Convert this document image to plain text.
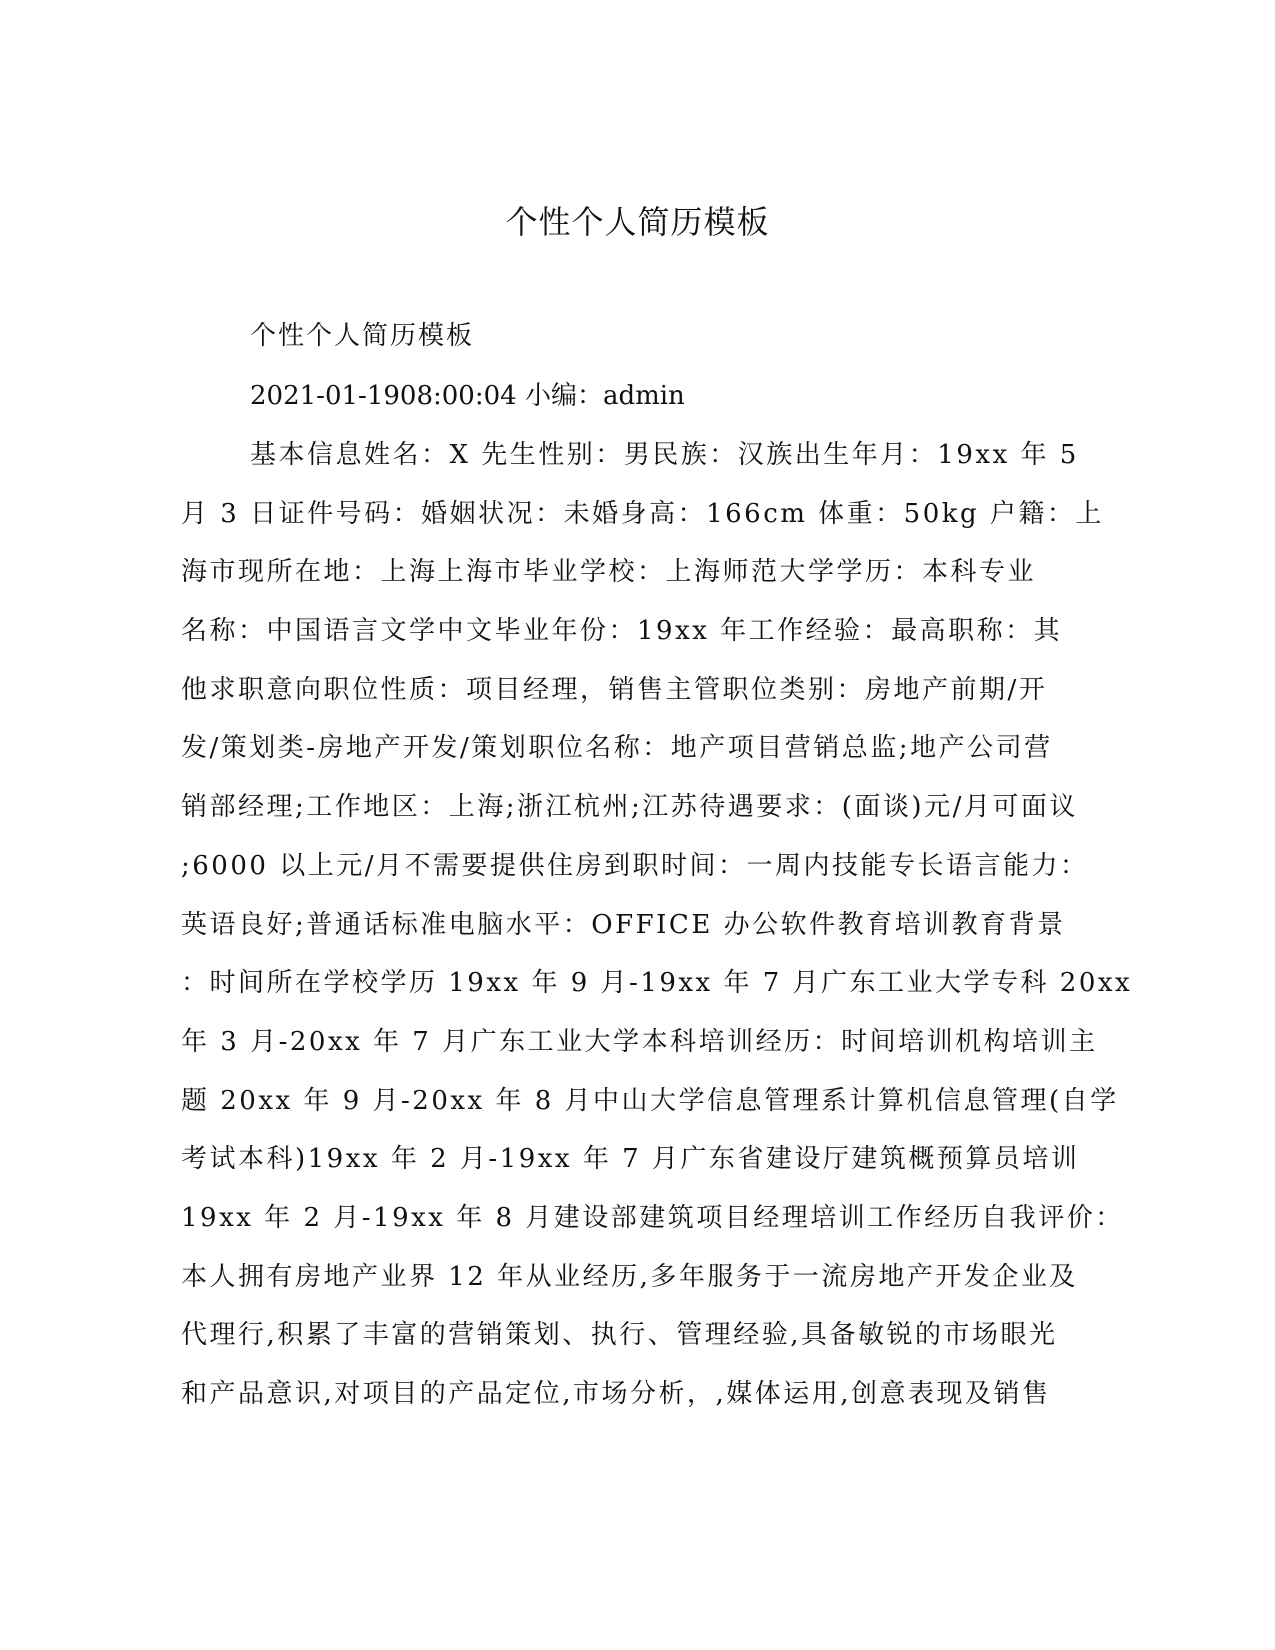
个性个人简历模板
个性个人简历模板
2021-01-1908:00:04 小编：admin
基本信息姓名：X 先生性别：男民族：汉族出生年月：19xx 年 5
月 3 日证件号码：婚姻状况：未婚身高：166cm 体重：50kg 户籍：上
海市现所在地：上海上海市毕业学校：上海师范大学学历：本科专业
名称：中国语言文学中文毕业年份：19xx 年工作经验：最高职称：其
他求职意向职位性质：项目经理，销售主管职位类别：房地产前期/开
发/策划类-房地产开发/策划职位名称：地产项目营销总监;地产公司营
销部经理;工作地区：上海;浙江杭州;江苏待遇要求：(面谈)元/月可面议
;6000 以上元/月不需要提供住房到职时间：一周内技能专长语言能力：
英语良好;普通话标准电脑水平：OFFICE 办公软件教育培训教育背景
：时间所在学校学历 19xx 年 9 月-19xx 年 7 月广东工业大学专科 20xx
年 3 月-20xx 年 7 月广东工业大学本科培训经历：时间培训机构培训主
题 20xx 年 9 月-20xx 年 8 月中山大学信息管理系计算机信息管理(自学
考试本科)19xx 年 2 月-19xx 年 7 月广东省建设厅建筑概预算员培训
19xx 年 2 月-19xx 年 8 月建设部建筑项目经理培训工作经历自我评价：
本人拥有房地产业界 12 年从业经历,多年服务于一流房地产开发企业及
代理行,积累了丰富的营销策划、执行、管理经验,具备敏锐的市场眼光
和产品意识,对项目的产品定位,市场分析，,媒体运用,创意表现及销售
